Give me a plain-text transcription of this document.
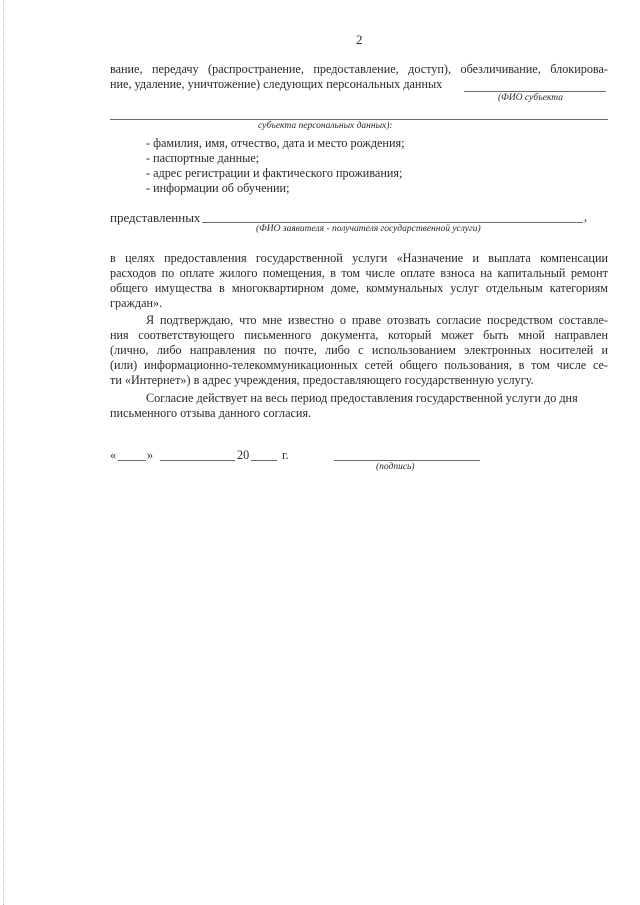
2
вание, передачу (распространение, предоставление, доступ), обезличивание, блокирова-
ние, удаление, уничтожение) следующих персональных данных
(ФИО субъекта
субъекта персональных данных):
- фамилия, имя, отчество, дата и место рождения;
- паспортные данные;
- адрес регистрации и фактического проживания;
- информации об обучении;
представленных	,
(ФИО заявителя - получателя государственной услуги)
в целях предоставления государственной услуги «Назначение и выплата компенсации
расходов по оплате жилого помещения, в том числе оплате взноса на капитальный ремонт
общего имущества в многоквартирном доме, коммунальных услуг отдельным категориям
граждан».
Я подтверждаю, что мне известно о праве отозвать согласие посредством составле-
ния соответствующего письменного документа, который может быть мной направлен
(лично, либо направления по почте, либо с использованием электронных носителей и
(или) информационно-телекоммуникационных сетей общего пользования, в том числе се-
ти «Интернет») в адрес учреждения, предоставляющего государственную услугу.
Согласие действует на весь период предоставления государственной услуги до дня
письменного отзыва данного согласия.
«	»	20	г.
(подпись)
